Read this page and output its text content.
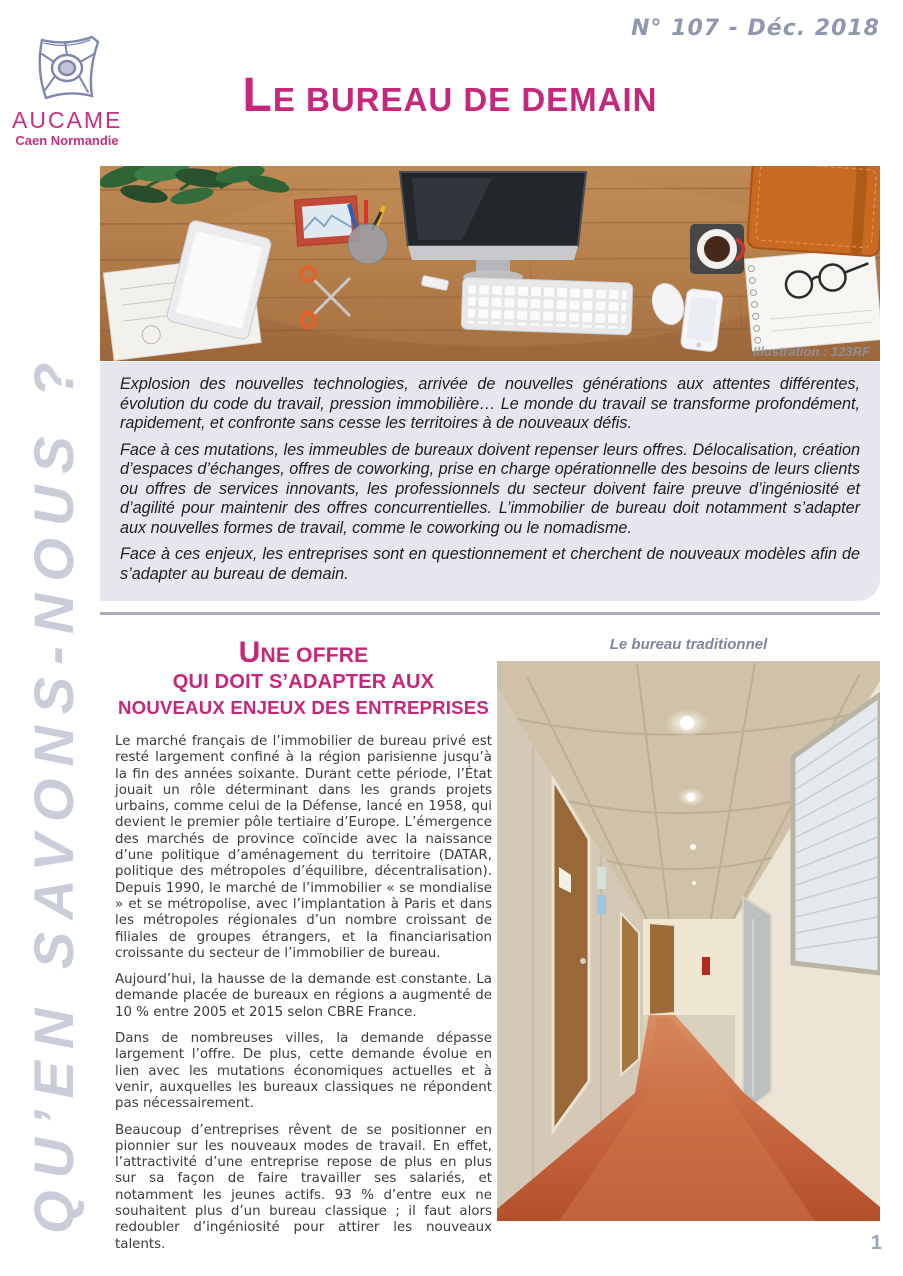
N° 107 - Déc. 2018
AUCAME
Caen Normandie
LE BUREAU DE DEMAIN
QU’EN SAVONS-NOUS ?	Illustration : 123RF

Explosion des nouvelles technologies, arrivée de nouvelles générations aux attentes différentes, évolution du code du travail, pression immobilière… Le monde du travail se transforme profondément, rapidement, et confronte sans cesse les territoires à de nouveaux défis.

Face à ces mutations, les immeubles de bureaux doivent repenser leurs offres. Délocalisation, création d’espaces d’échanges, offres de coworking, prise en charge opérationnelle des besoins de leurs clients ou offres de services innovants, les professionnels du secteur doivent faire preuve d’ingéniosité et d’agilité pour maintenir des offres concurrentielles. L’immobilier de bureau doit notamment s’adapter aux nouvelles formes de travail, comme le coworking ou le nomadisme.

Face à ces enjeux, les entreprises sont en questionnement et cherchent de nouveaux modèles afin de s’adapter au bureau de demain.

UNE OFFRE
QUI DOIT S’ADAPTER AUX
NOUVEAUX ENJEUX DES ENTREPRISES

Le marché français de l’immobilier de bureau privé est resté largement confiné à la région parisienne jusqu’à la fin des années soixante. Durant cette période, l’État jouait un rôle déterminant dans les grands projets urbains, comme celui de la Défense, lancé en 1958, qui devient le premier pôle tertiaire d’Europe. L’émergence des marchés de province coïncide avec la naissance d’une politique d’aménagement du territoire (DATAR, politique des métropoles d’équilibre, décentralisation). Depuis 1990, le marché de l’immobilier « se mondialise » et se métropolise, avec l’implantation à Paris et dans les métropoles régionales d’un nombre croissant de filiales de groupes étrangers, et la financiarisation croissante du secteur de l’immobilier de bureau.

Aujourd’hui, la hausse de la demande est constante. La demande placée de bureaux en régions a augmenté de 10 % entre 2005 et 2015 selon CBRE France.

Dans de nombreuses villes, la demande dépasse largement l’offre. De plus, cette demande évolue en lien avec les mutations économiques actuelles et à venir, auxquelles les bureaux classiques ne répondent pas nécessairement.

Beaucoup d’entreprises rêvent de se positionner en pionnier sur les nouveaux modes de travail. En effet, l’attractivité d’une entreprise repose de plus en plus sur sa façon de faire travailler ses salariés, et notamment les jeunes actifs. 93 % d’entre eux ne souhaitent plus d’un bureau classique ; il faut alors redoubler d’ingéniosité pour attirer les nouveaux talents.

Le bureau traditionnel
1
